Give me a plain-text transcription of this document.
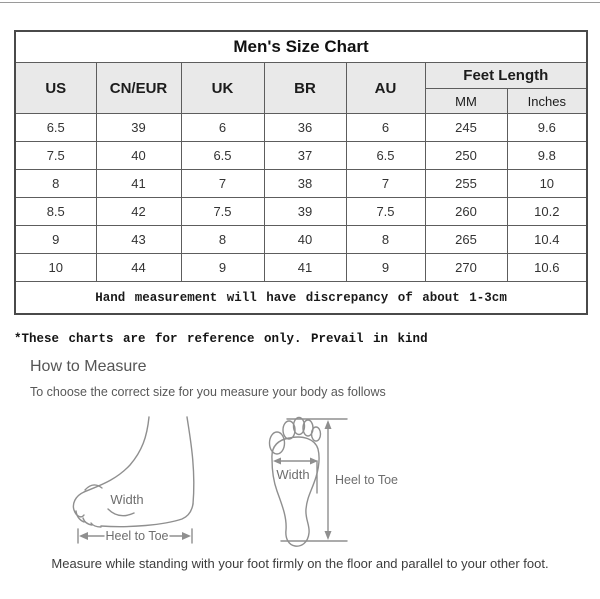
Men's Size Chart						
US	CN/EUR	UK	BR	AU	Feet Length	
					MM	Inches
6.5	39	6	36	6	245	9.6
7.5	40	6.5	37	6.5	250	9.8
8	41	7	38	7	255	10
8.5	42	7.5	39	7.5	260	10.2
9	43	8	40	8	265	10.4
10	44	9	41	9	270	10.6
Hand measurement will have discrepancy of about 1-3cm						
*These charts are for reference only. Prevail in kind
How to Measure
To choose the correct size for you measure your body as follows
Width
Heel to Toe
Width Heel to Toe
Measure while standing with your foot firmly on the floor and parallel to your other foot.
